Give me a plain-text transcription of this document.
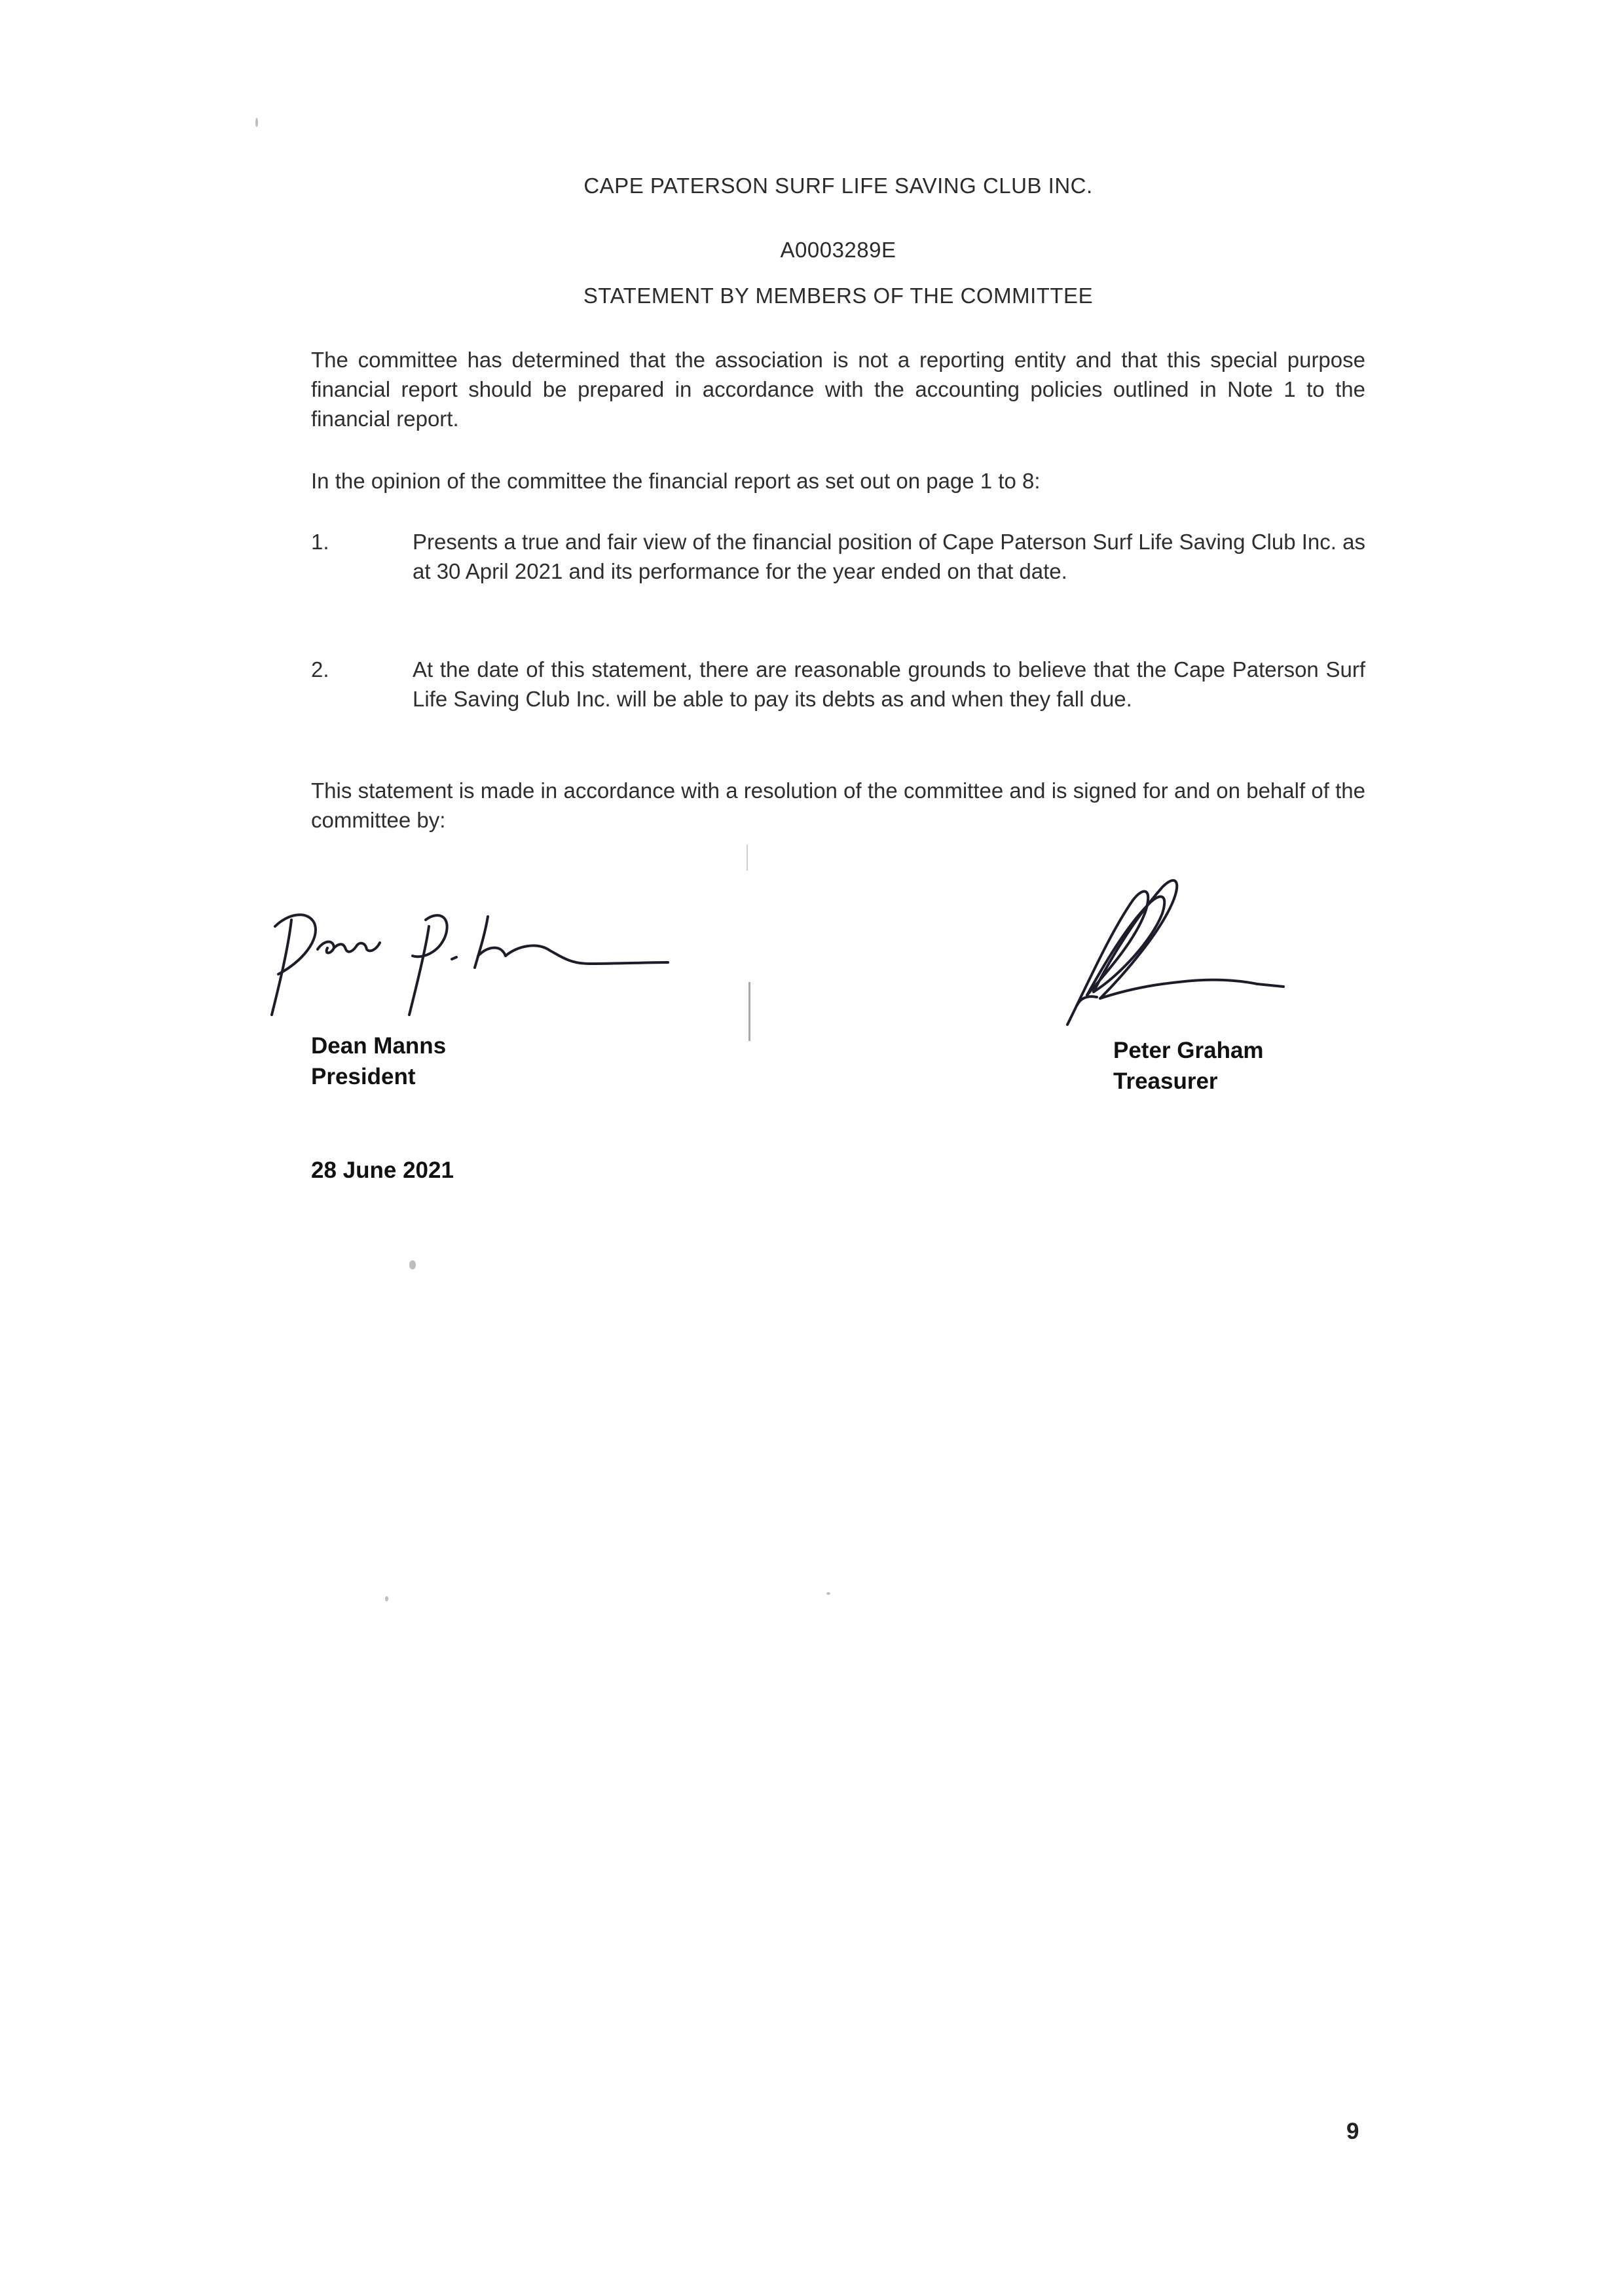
CAPE PATERSON SURF LIFE SAVING CLUB INC.
A0003289E
STATEMENT BY MEMBERS OF THE COMMITTEE
The committee has determined that the association is not a reporting entity and that this special purpose financial report should be prepared in accordance with the accounting policies outlined in Note 1 to the financial report.
In the opinion of the committee the financial report as set out on page 1 to 8:
1.	Presents a true and fair view of the financial position of Cape Paterson Surf Life Saving Club Inc. as at 30 April 2021 and its performance for the year ended on that date.
2.	At the date of this statement, there are reasonable grounds to believe that the Cape Paterson Surf Life Saving Club Inc. will be able to pay its debts as and when they fall due.
This statement is made in accordance with a resolution of the committee and is signed for and on behalf of the committee by:
Dean Manns
President
Peter Graham
Treasurer
28 June 2021
9
